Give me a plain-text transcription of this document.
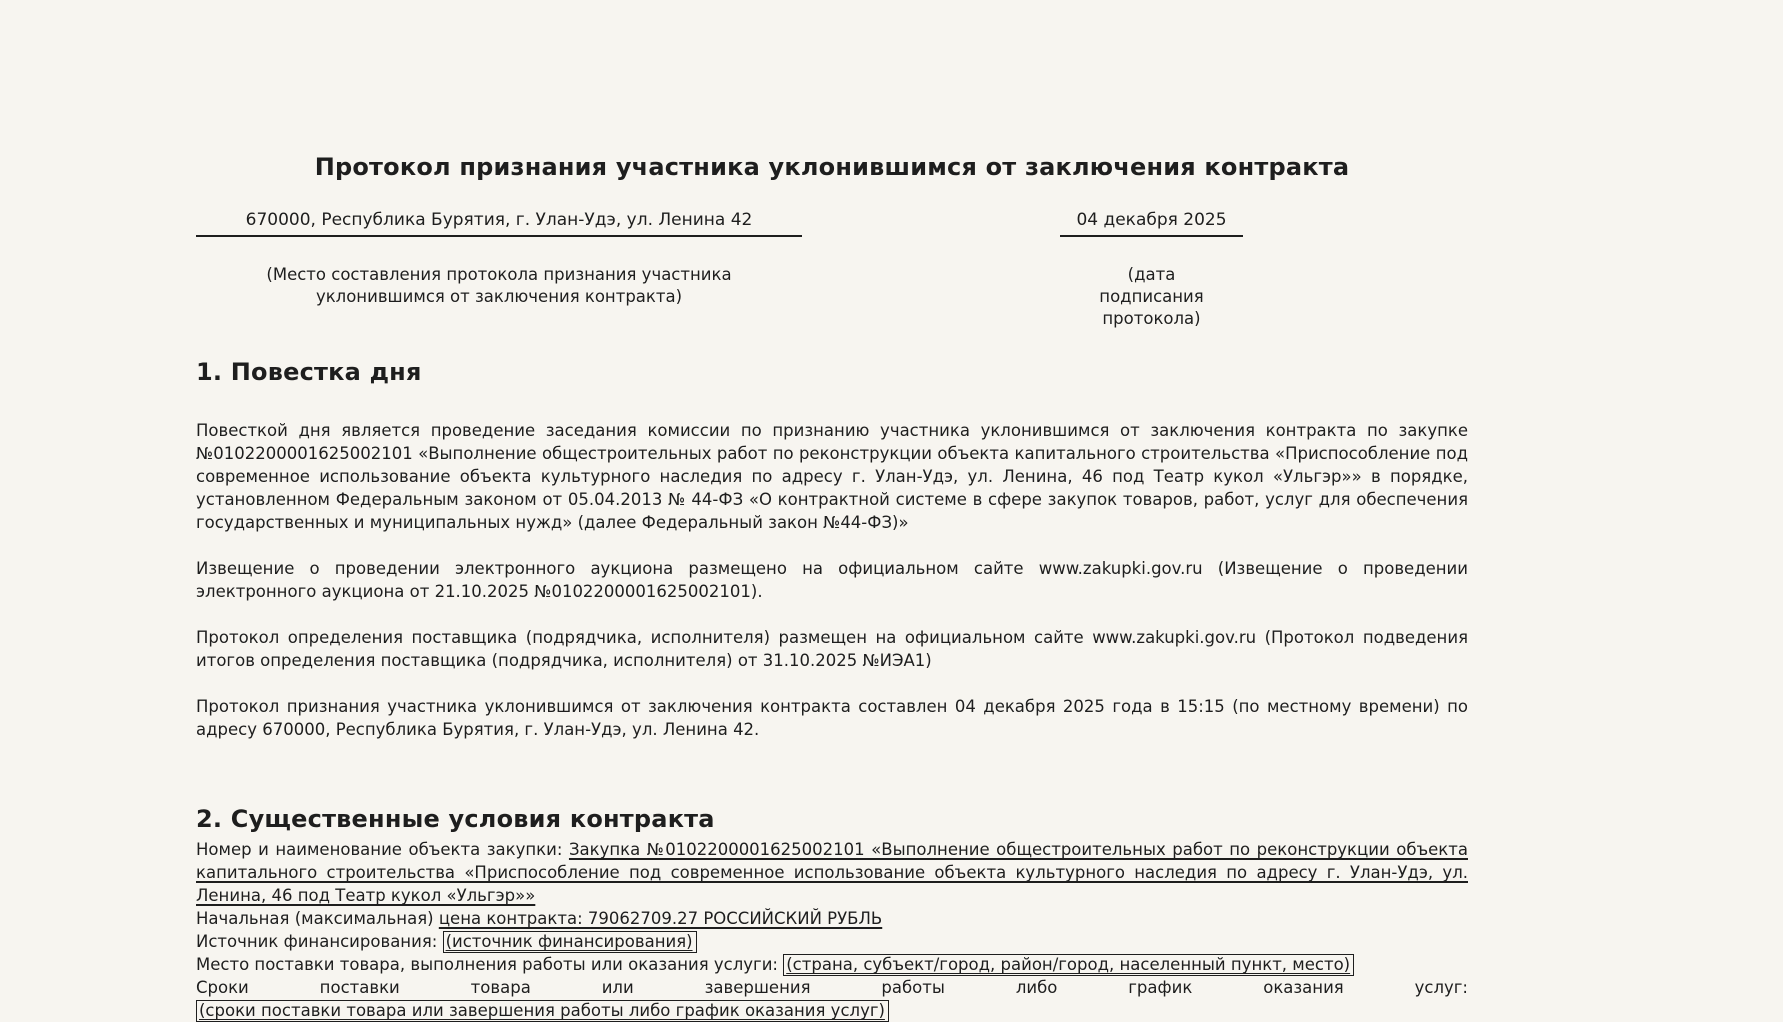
Протокол признания участника уклонившимся от заключения контракта
670000, Республика Бурятия, г. Улан-Удэ, ул. Ленина 42	04 декабря 2025
(Место составления протокола признания участника уклонившимся от заключения контракта)
(дата подписания протокола)
1. Повестка дня

Повесткой дня является проведение заседания комиссии по признанию участника уклонившимся от заключения контракта по закупке №0102200001625002101 «Выполнение общестроительных работ по реконструкции объекта капитального строительства «Приспособление под современное использование объекта культурного наследия по адресу г. Улан-Удэ, ул. Ленина, 46 под Театр кукол «Ульгэр»» в порядке, установленном Федеральным законом от 05.04.2013 № 44-ФЗ «О контрактной системе в сфере закупок товаров, работ, услуг для обеспечения государственных и муниципальных нужд» (далее Федеральный закон №44-ФЗ)»

Извещение о проведении электронного аукциона размещено на официальном сайте www.zakupki.gov.ru (Извещение о проведении электронного аукциона от 21.10.2025 №0102200001625002101).

Протокол определения поставщика (подрядчика, исполнителя) размещен на официальном сайте www.zakupki.gov.ru (Протокол подведения итогов определения поставщика (подрядчика, исполнителя) от 31.10.2025 №ИЭА1)

Протокол признания участника уклонившимся от заключения контракта составлен 04 декабря 2025 года в 15:15 (по местному времени) по адресу 670000, Республика Бурятия, г. Улан-Удэ, ул. Ленина 42.

2. Существенные условия контракта

Номер и наименование объекта закупки: Закупка №0102200001625002101 «Выполнение общестроительных работ по реконструкции объекта капитального строительства «Приспособление под современное использование объекта культурного наследия по адресу г. Улан-Удэ, ул. Ленина, 46 под Театр кукол «Ульгэр»»

Начальная (максимальная) цена контракта: 79062709.27 РОССИЙСКИЙ РУБЛЬ

Источник финансирования: (источник финансирования)

Место поставки товара, выполнения работы или оказания услуги: (страна, субъект/город, район/город, населенный пункт, место)

Сроки поставки товара или завершения работы либо график оказания услуг: (сроки поставки товара или завершения работы либо график оказания услуг)
